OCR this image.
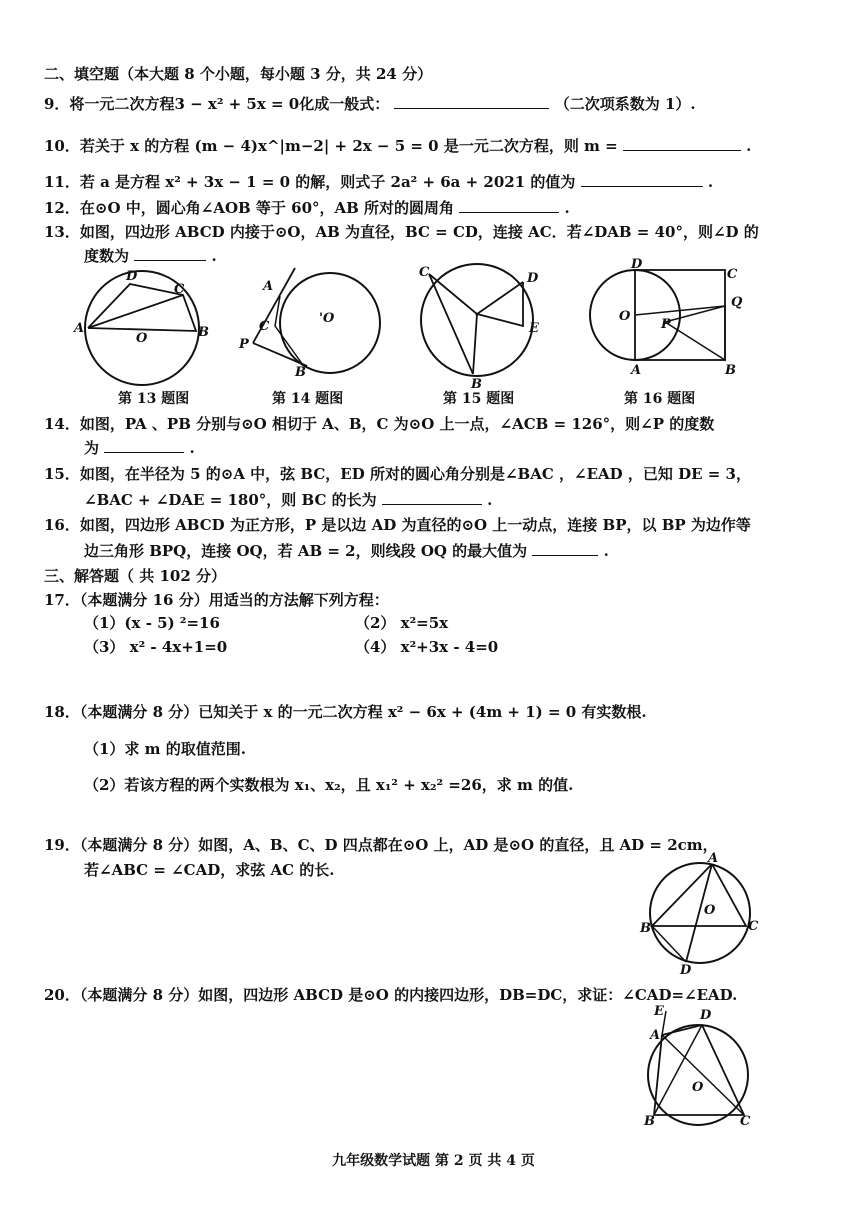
二、填空题（本大题 8 个小题，每小题 3 分，共 24 分）
9．将一元二次方程3 − x² + 5x = 0化成一般式：	（二次项系数为 1）.
10．若关于 x 的方程 (m − 4)x^|m−2| + 2x − 5 = 0 是一元二次方程，则 m =	.
11．若 a 是方程 x² + 3x − 1 = 0 的解，则式子 2a² + 6a + 2021 的值为	.
12．在⊙O 中，圆心角∠AOB 等于 60°，AB 所对的圆周角	.
13．如图，四边形 ABCD 内接于⊙O，AB 为直径，BC = CD，连接 AC．若∠DAB = 40°，则∠D 的
度数为	.
A
D
C
B
O
A
C
P
B
'O
C	D
E
B
D
C
O
P
Q
A	B
第 13 题图	第 14 题图	第 15 题图	第 16 题图
14．如图，PA 、PB 分别与⊙O 相切于 A、B，C 为⊙O 上一点，∠ACB = 126°，则∠P 的度数
为	.
15．如图，在半径为 5 的⊙A 中，弦 BC，ED 所对的圆心角分别是∠BAC ，∠EAD ，已知 DE = 3，
∠BAC + ∠DAE = 180°，则 BC 的长为	.
16．如图，四边形 ABCD 为正方形，P 是以边 AD 为直径的⊙O 上一动点，连接 BP，以 BP 为边作等
边三角形 BPQ，连接 OQ，若 AB = 2，则线段 OQ 的最大值为	.
三、解答题（ 共 102 分）
17．（本题满分 16 分）用适当的方法解下列方程：
（1）(x - 5) ²=16	（2） x²=5x
（3） x² - 4x+1=0	（4） x²+3x - 4=0
18．（本题满分 8 分）已知关于 x 的一元二次方程 x² − 6x + (4m + 1) = 0 有实数根.
（1）求 m 的取值范围.
（2）若该方程的两个实数根为 x₁、x₂，且 x₁² + x₂² =26，求 m 的值.
19．（本题满分 8 分）如图，A、B、C、D 四点都在⊙O 上，AD 是⊙O 的直径，且 AD = 2cm，
若∠ABC = ∠CAD，求弦 AC 的长.
A
B	C
D
O
20．（本题满分 8 分）如图，四边形 ABCD 是⊙O 的内接四边形，DB=DC，求证：∠CAD=∠EAD.
E	D
A
B	C
O
九年级数学试题 第 2 页 共 4 页
